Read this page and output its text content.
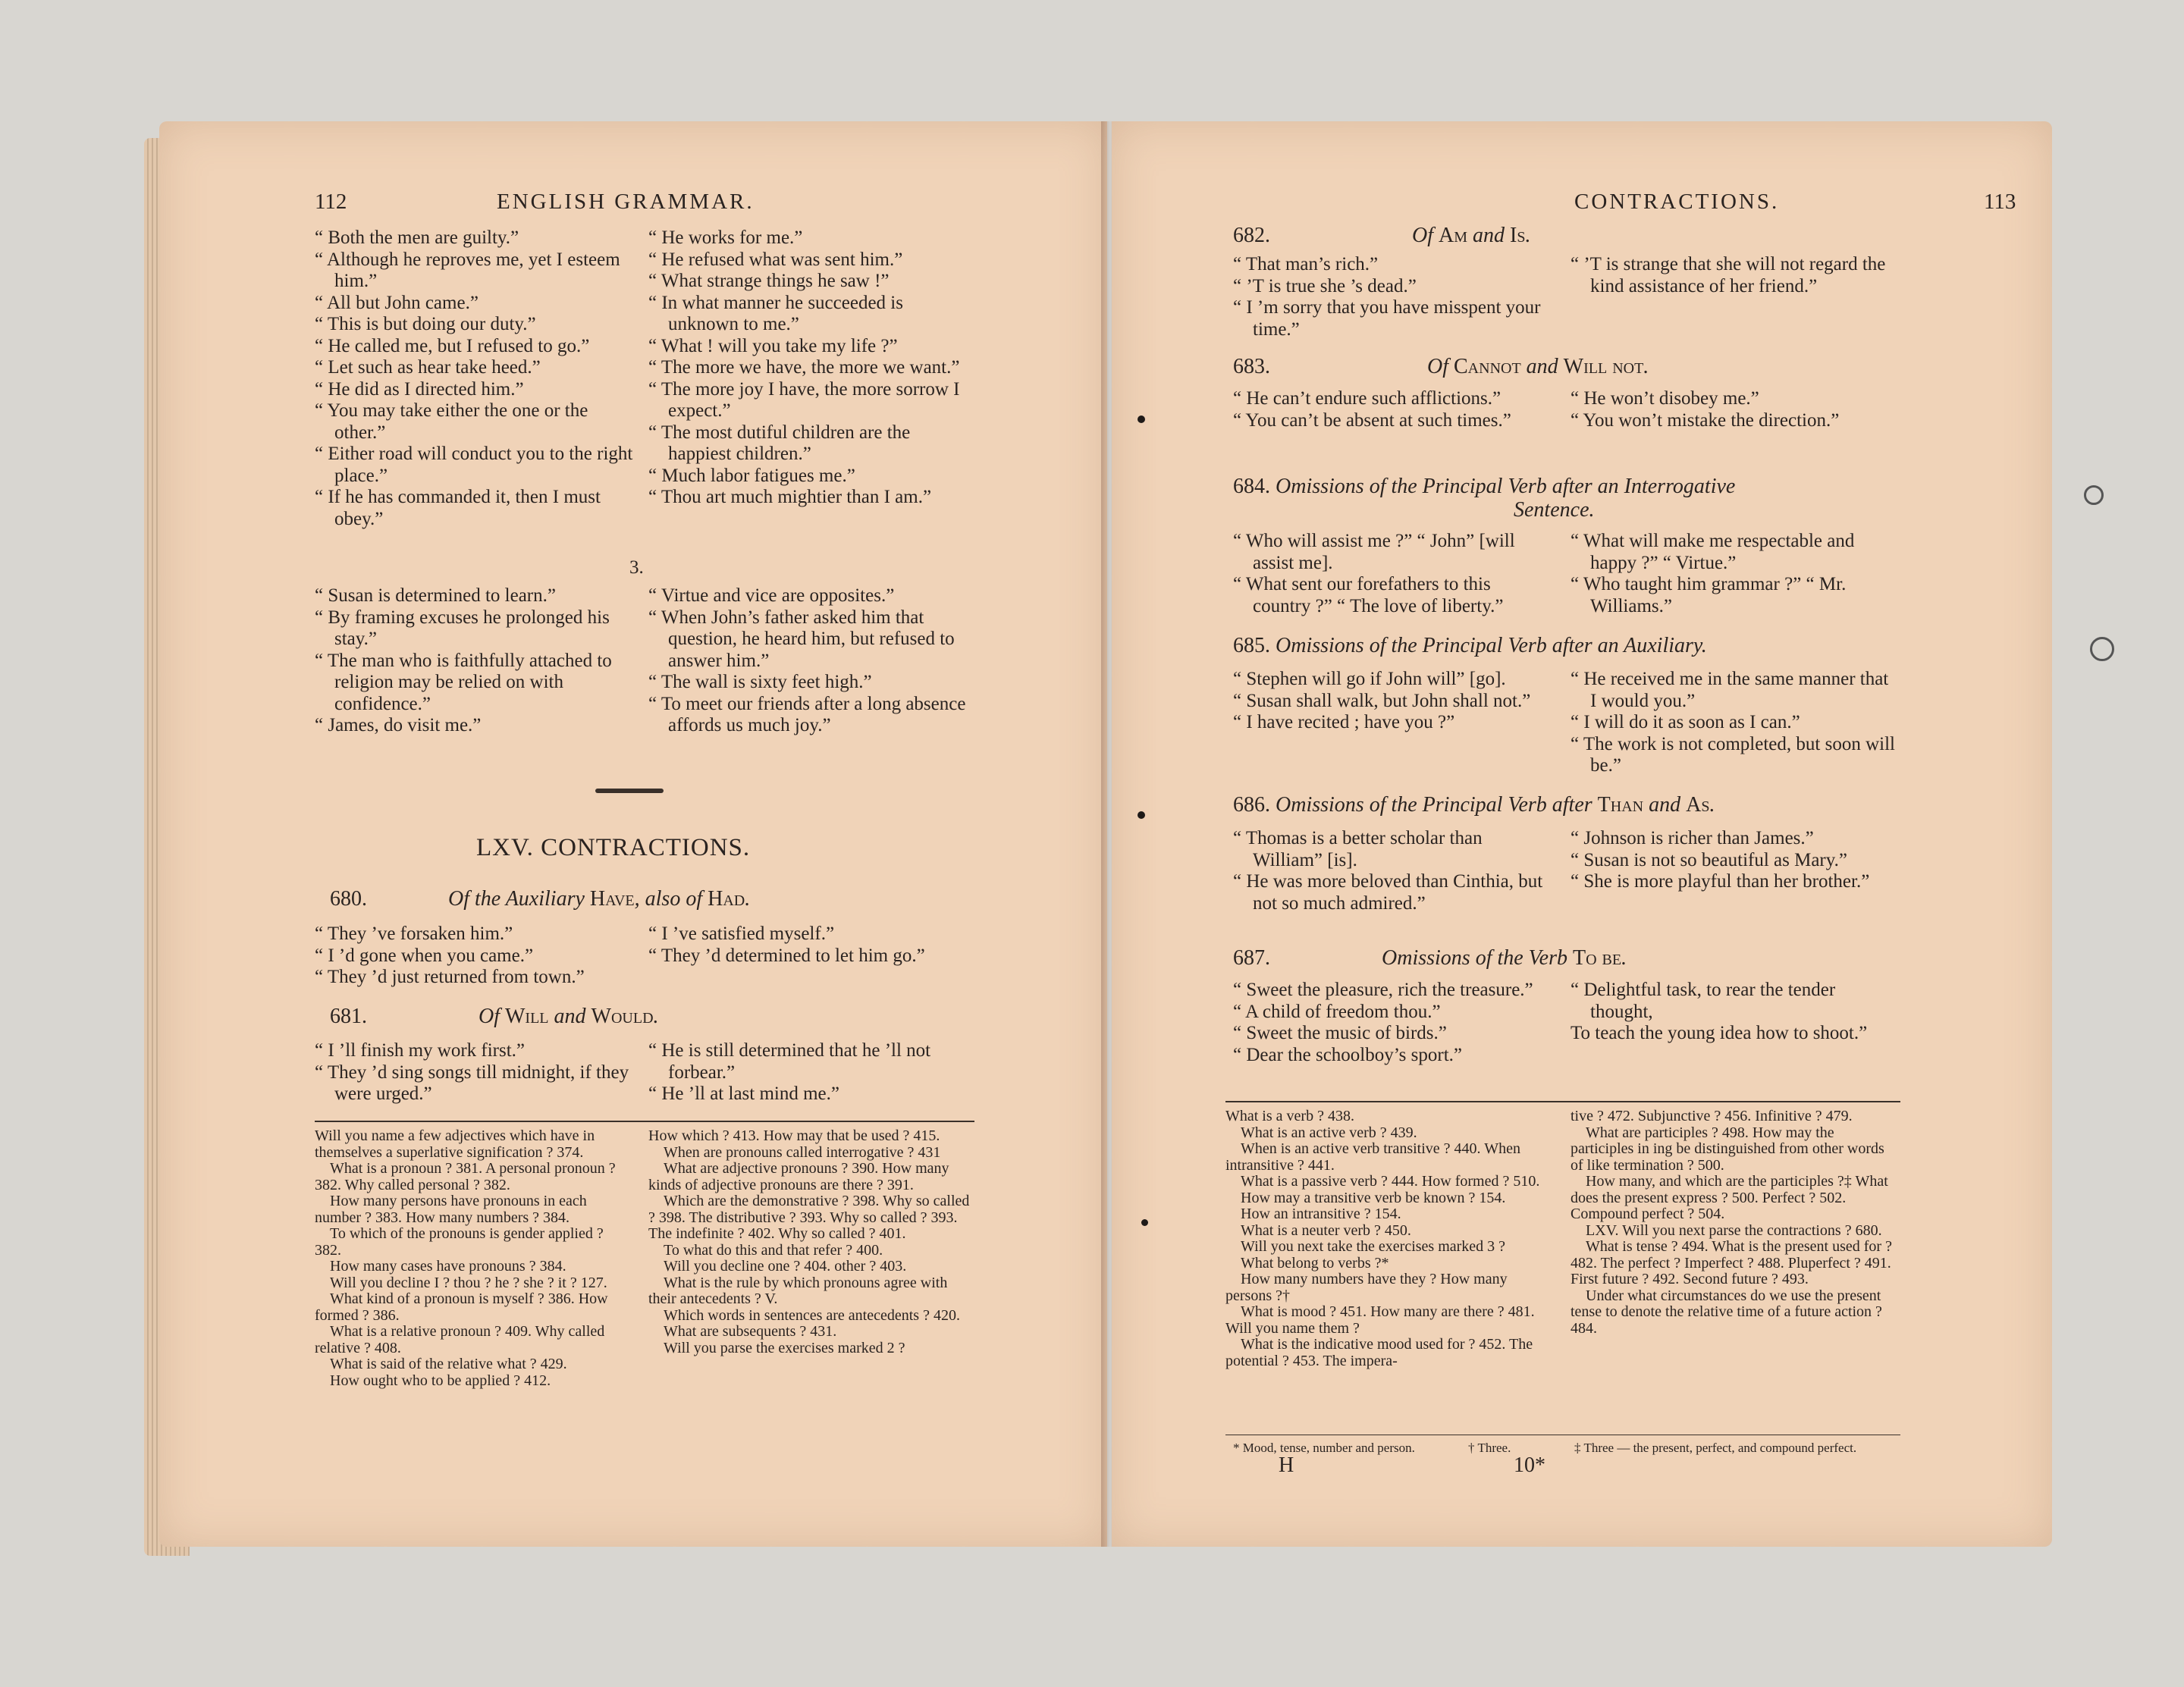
112	ENGLISH GRAMMAR.

“ Both the men are guilty.”

“ Although he reproves me, yet I esteem him.”

“ All but John came.”

“ This is but doing our duty.”

“ He called me, but I refused to go.”

“ Let such as hear take heed.”

“ He did as I directed him.”

“ You may take either the one or the other.”

“ Either road will conduct you to the right place.”

“ If he has commanded it, then I must obey.”

“ He works for me.”

“ He refused what was sent him.”

“ What strange things he saw !”

“ In what manner he succeeded is unknown to me.”

“ What ! will you take my life ?”

“ The more we have, the more we want.”

“ The more joy I have, the more sorrow I expect.”

“ The most dutiful children are the happiest children.”

“ Much labor fatigues me.”

“ Thou art much mightier than I am.”

3.

“ Susan is determined to learn.”

“ By framing excuses he prolonged his stay.”

“ The man who is faithfully attached to religion may be relied on with confidence.”

“ James, do visit me.”

“ Virtue and vice are opposites.”

“ When John’s father asked him that question, he heard him, but refused to answer him.”

“ The wall is sixty feet high.”

“ To meet our friends after a long absence affords us much joy.”

LXV. CONTRACTIONS.
680.	Of the Auxiliary Have, also of Had.

“ They ’ve forsaken him.”

“ I ’d gone when you came.”

“ They ’d just returned from town.”

“ I ’ve satisfied myself.”

“ They ’d determined to let him go.”

681.	Of Will and Would.

“ I ’ll finish my work first.”

“ They ’d sing songs till midnight, if they were urged.”

“ He is still determined that he ’ll not forbear.”

“ He ’ll at last mind me.”

Will you name a few adjectives which have in themselves a superlative signification ? 374.

What is a pronoun ? 381. A personal pronoun ? 382. Why called personal ? 382.

How many persons have pronouns in each number ? 383. How many numbers ? 384.

To which of the pronouns is gender applied ? 382.

How many cases have pronouns ? 384.

Will you decline I ? thou ? he ? she ? it ? 127.

What kind of a pronoun is myself ? 386. How formed ? 386.

What is a relative pronoun ? 409. Why called relative ? 408.

What is said of the relative what ? 429.

How ought who to be applied ? 412.

How which ? 413. How may that be used ? 415.

When are pronouns called interrogative ? 431

What are adjective pronouns ? 390. How many kinds of adjective pronouns are there ? 391.

Which are the demonstrative ? 398. Why so called ? 398. The distributive ? 393. Why so called ? 393. The indefinite ? 402. Why so called ? 401.

To what do this and that refer ? 400.

Will you decline one ? 404. other ? 403.

What is the rule by which pronouns agree with their antecedents ? V.

Which words in sentences are antecedents ? 420.

What are subsequents ? 431.

Will you parse the exercises marked 2 ?

CONTRACTIONS.	113
682.	Of Am and Is.

“ That man’s rich.”

“ ’T is true she ’s dead.”

“ I ’m sorry that you have misspent your time.”

“ ’T is strange that she will not regard the kind assistance of her friend.”

683.	Of Cannot and Will not.

“ He can’t endure such afflictions.”

“ You can’t be absent at such times.”

“ He won’t disobey me.”

“ You won’t mistake the direction.”

684. Omissions of the Principal Verb after an Interrogative
Sentence.

“ Who will assist me ?” “ John” [will assist me].

“ What sent our forefathers to this country ?” “ The love of liberty.”

“ What will make me respectable and happy ?” “ Virtue.”

“ Who taught him grammar ?” “ Mr. Williams.”

685. Omissions of the Principal Verb after an Auxiliary.

“ Stephen will go if John will” [go].

“ Susan shall walk, but John shall not.”

“ I have recited ; have you ?”

“ He received me in the same manner that I would you.”

“ I will do it as soon as I can.”

“ The work is not completed, but soon will be.”

686. Omissions of the Principal Verb after Than and As.

“ Thomas is a better scholar than William” [is].

“ He was more beloved than Cinthia, but not so much admired.”

“ Johnson is richer than James.”

“ Susan is not so beautiful as Mary.”

“ She is more playful than her brother.”

687.	Omissions of the Verb To be.

“ Sweet the pleasure, rich the treasure.”

“ A child of freedom thou.”

“ Sweet the music of birds.”

“ Dear the schoolboy’s sport.”

“ Delightful task, to rear the tender thought,

To teach the young idea how to shoot.”

What is a verb ? 438.

What is an active verb ? 439.

When is an active verb transitive ? 440. When intransitive ? 441.

What is a passive verb ? 444. How formed ? 510.

How may a transitive verb be known ? 154.

How an intransitive ? 154.

What is a neuter verb ? 450.

Will you next take the exercises marked 3 ?

What belong to verbs ?*

How many numbers have they ? How many persons ?†

What is mood ? 451. How many are there ? 481. Will you name them ?

What is the indicative mood used for ? 452. The potential ? 453. The impera-

tive ? 472. Subjunctive ? 456. Infinitive ? 479.

What are participles ? 498. How may the participles in ing be distinguished from other words of like termination ? 500.

How many, and which are the participles ?‡ What does the present express ? 500. Perfect ? 502. Compound perfect ? 504.

LXV. Will you next parse the contractions ? 680.

What is tense ? 494. What is the present used for ? 482. The perfect ? Imperfect ? 488. Pluperfect ? 491. First future ? 492. Second future ? 493.

Under what circumstances do we use the present tense to denote the relative time of a future action ? 484.

* Mood, tense, number and person.	† Three.	‡ Three — the present, perfect, and compound perfect.
H	10*
